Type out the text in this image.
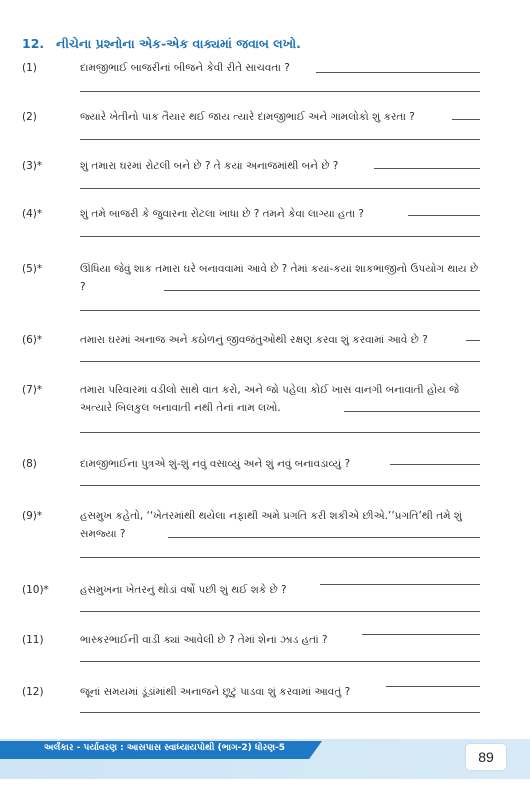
12. નીચેના પ્રશ્નોના એક-એક વાક્યમાં જવાબ લખો.
(1)	દામજીભાઈ બાજરીનાં બીજને કેવી રીતે સાચવતા ?
(2)	જ્યારે ખેતીનો પાક તૈયાર થઈ જાય ત્યારે દામજીભાઈ અને ગામલોકો શું કરતા ?
(3)*	શું તમારા ઘરમાં રોટલી બને છે ? તે કયા અનાજમાંથી બને છે ?
(4)*	શું તમે બાજરી કે જુવારના રોટલા ખાધા છે ? તમને કેવા લાગ્યા હતા ?
(5)*	ઊંધિયા જેવું શાક તમારા ઘરે બનાવવામાં આવે છે ? તેમાં કયાં-કયાં શાકભાજીનો ઉપયોગ થાય છે ?
(6)*	તમારા ઘરમાં અનાજ અને કઠોળનું જીવજંતુઓથી રક્ષણ કરવા શું કરવામાં આવે છે ?
(7)*	તમારા પરિવારમાં વડીલો સાથે વાત કરો, અને જો પહેલા કોઈ ખાસ વાનગી બનાવાતી હોય જે અત્યારે બિલકુલ બનાવાતી નથી તેનાં નામ લખો.
(8)	દામજીભાઈના પુત્રએ શું-શું નવું વસાવ્યું અને શું નવું બનાવડાવ્યું ?
(9)*	હસમુખ કહેતો, ‘‘ખેતરમાંથી થયેલા નફાથી અમે પ્રગતિ કરી શકીએ છીએ.’’પ્રગતિ’થી તમે શું સમજ્યા ?
(10)*	હસમુખના ખેતરનું થોડાં વર્ષો પછી શું થઈ શકે છે ?
(11)	ભાસ્કરભાઈની વાડી ક્યાં આવેલી છે ? તેમાં શેનાં ઝાડ હતાં ?
(12)	જૂનાં સમયમાં ડૂંડાંમાંથી અનાજને છૂટું પાડવા શું કરવામાં આવતું ?
અર્લંકાર - પર્યાવરણ : આસપાસ સ્વાધ્યાયપોથી (ભાગ-2) ધોરણ-5
89
